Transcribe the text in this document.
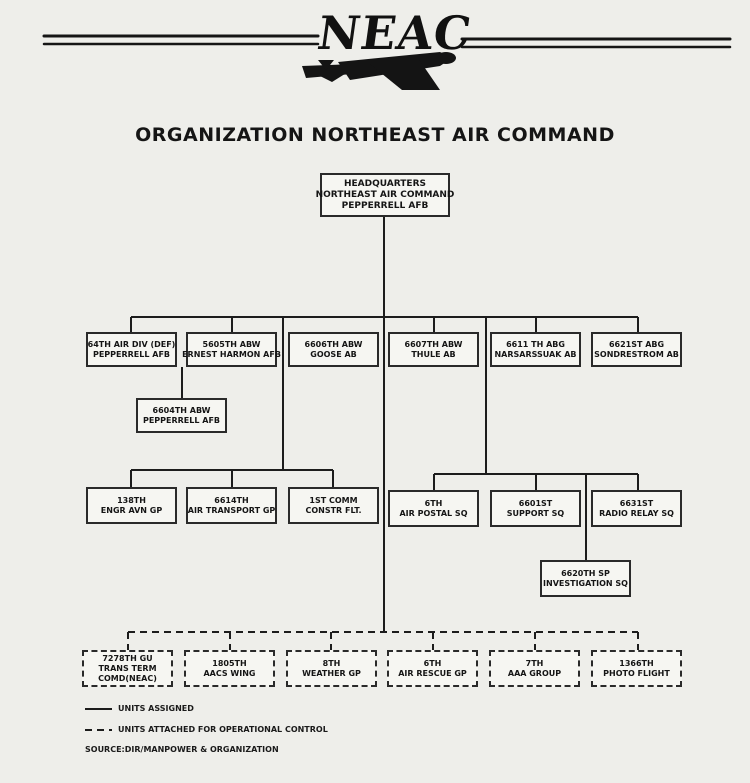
NEAC
ORGANIZATION NORTHEAST AIR COMMAND
HEADQUARTERS
NORTHEAST AIR COMMAND
PEPPERRELL AFB
64TH AIR DIV (DEF)
PEPPERRELL AFB
5605TH ABW
ERNEST HARMON AFB
6606TH ABW
GOOSE AB
6607TH ABW
THULE AB
6611 TH ABG
NARSARSSUAK AB
6621ST ABG
SONDRESTROM AB
6604TH ABW
PEPPERRELL AFB
138TH
ENGR AVN GP
6614TH
AIR TRANSPORT GP
1ST COMM
CONSTR FLT.
6TH
AIR POSTAL SQ
6601ST
SUPPORT SQ
6631ST
RADIO RELAY SQ
6620TH SP
INVESTIGATION SQ
7278TH GU
TRANS TERM
COMD(NEAC)
1805TH
AACS WING
8TH
WEATHER GP
6TH
AIR RESCUE GP
7TH
AAA GROUP
1366TH
PHOTO FLIGHT
UNITS ASSIGNED
UNITS ATTACHED FOR OPERATIONAL CONTROL
SOURCE:DIR/MANPOWER & ORGANIZATION
